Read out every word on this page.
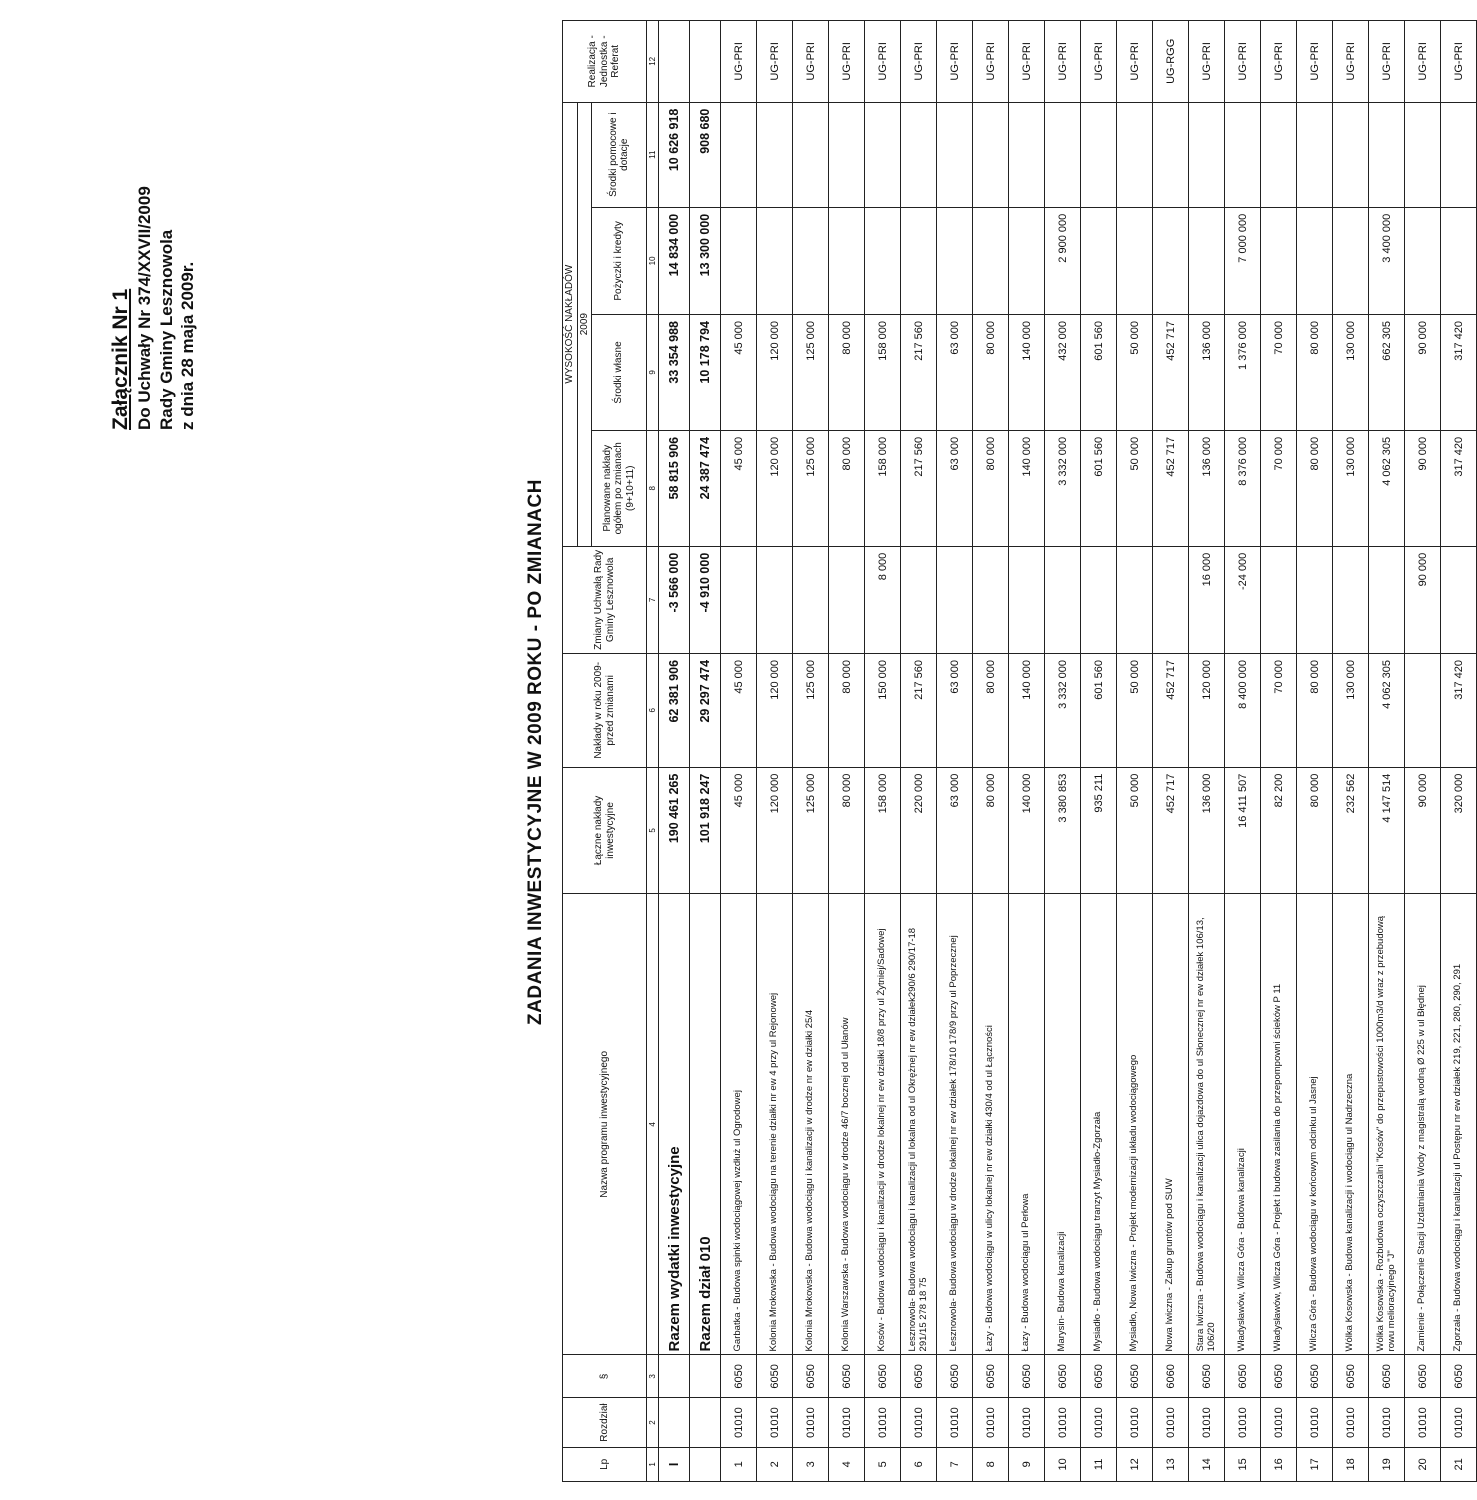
Załącznik Nr 1 Do Uchwały Nr 374/XXVII/2009 Rady Gminy Lesznowola z dnia 28 maja 2009r.
ZADANIA INWESTYCYJNE W 2009 ROKU - PO ZMIANACH
Lp	Rozdział	§	Nazwa programu inwestycyjnego	Łączne nakłady inwestycyjne	Nakłady w roku 2009-przed zmianami	Zmiany Uchwałą Rady Gminy Lesznowola	WYSOKOŚĆ NAKŁADÓW				Realizacja - Jednostka - Referat
							2009				
							Planowane nakłady ogółem po zmianach (9+10+11)	Środki własne	Pożyczki i kredyty	Środki pomocowe i dotacje	
1	2	3	4	5	6	7	8	9	10	11	12
I			Razem wydatki inwestycyjne	190 461 265	62 381 906	-3 566 000	58 815 906	33 354 988	14 834 000	10 626 918	
			Razem dział 010	101 918 247	29 297 474	-4 910 000	24 387 474	10 178 794	13 300 000	908 680	
1	01010	6050	Garbatka - Budowa spinki wodociągowej wzdłuż ul Ogrodowej	45 000	45 000		45 000	45 000			UG-PRI
2	01010	6050	Kolonia Mrokowska - Budowa wodociągu na terenie działki nr ew 4 przy ul Rejonowej	120 000	120 000		120 000	120 000			UG-PRI
3	01010	6050	Kolonia Mrokowska - Budowa wodociągu i kanalizacji w drodze nr ew działki 25/4	125 000	125 000		125 000	125 000			UG-PRI
4	01010	6050	Kolonia Warszawska - Budowa wodociągu w drodze 46/7 bocznej od ul Ułanów	80 000	80 000		80 000	80 000			UG-PRI
5	01010	6050	Kosów - Budowa wodociągu i kanalizacji w drodze lokalnej nr ew działki 18/8 przy ul Żytniej/Sadowej	158 000	150 000	8 000	158 000	158 000			UG-PRI
6	01010	6050	Lesznowola- Budowa wodociągu i kanalizacji ul lokalna od ul Okrężnej nr ew działek290/6 290/17-18 291/15 278 18 75	220 000	217 560		217 560	217 560			UG-PRI
7	01010	6050	Lesznowola- Budowa wodociągu w drodze lokalnej nr ew działek 178/10 178/9 przy ul Poprzecznej	63 000	63 000		63 000	63 000			UG-PRI
8	01010	6050	Łazy - Budowa wodociągu w ulicy lokalnej nr ew działki 430/4 od ul Łączności	80 000	80 000		80 000	80 000			UG-PRI
9	01010	6050	Łazy - Budowa wodociągu ul Perłowa	140 000	140 000		140 000	140 000			UG-PRI
10	01010	6050	Marysin- Budowa kanalizacji	3 380 853	3 332 000		3 332 000	432 000	2 900 000		UG-PRI
11	01010	6050	Mysiadło - Budowa wodociągu tranzyt Mysiadło-Zgorzała	935 211	601 560		601 560	601 560			UG-PRI
12	01010	6050	Mysiadło, Nowa Iwiczna - Projekt modernizacji układu wodociągowego	50 000	50 000		50 000	50 000			UG-PRI
13	01010	6060	Nowa Iwiczna - Zakup gruntów pod SUW	452 717	452 717		452 717	452 717			UG-RGG
14	01010	6050	Stara Iwiczna - Budowa wodociągu i kanalizacji ulica dojazdowa do ul Słonecznej nr ew działek 106/13, 106/20	136 000	120 000	16 000	136 000	136 000			UG-PRI
15	01010	6050	Władysławów, Wilcza Góra - Budowa kanalizacji	16 411 507	8 400 000	-24 000	8 376 000	1 376 000	7 000 000		UG-PRI
16	01010	6050	Władysławów, Wilcza Góra - Projekt i budowa zasilania do przepompowni ścieków P 11	82 200	70 000		70 000	70 000			UG-PRI
17	01010	6050	Wilcza Góra - Budowa wodociągu w końcowym odcinku ul Jasnej	80 000	80 000		80 000	80 000			UG-PRI
18	01010	6050	Wólka Kosowska - Budowa kanalizacji i wodociągu ul Nadrzeczna	232 562	130 000		130 000	130 000			UG-PRI
19	01010	6050	Wólka Kosowska - Rozbudowa oczyszczalni "Kosów" do przepustowości 1000m3/d wraz z przebudową rowu melioracyjnego "J"	4 147 514	4 062 305		4 062 305	662 305	3 400 000		UG-PRI
20	01010	6050	Zamienie - Połączenie Stacji Uzdatniania Wody z magistralą wodną Ø 225 w ul Błędnej	90 000		90 000	90 000	90 000			UG-PRI
21	01010	6050	Zgorzała - Budowa wodociągu i kanalizacji ul Postępu nr ew działek 219, 221, 280, 290, 291	320 000	317 420		317 420	317 420			UG-PRI
